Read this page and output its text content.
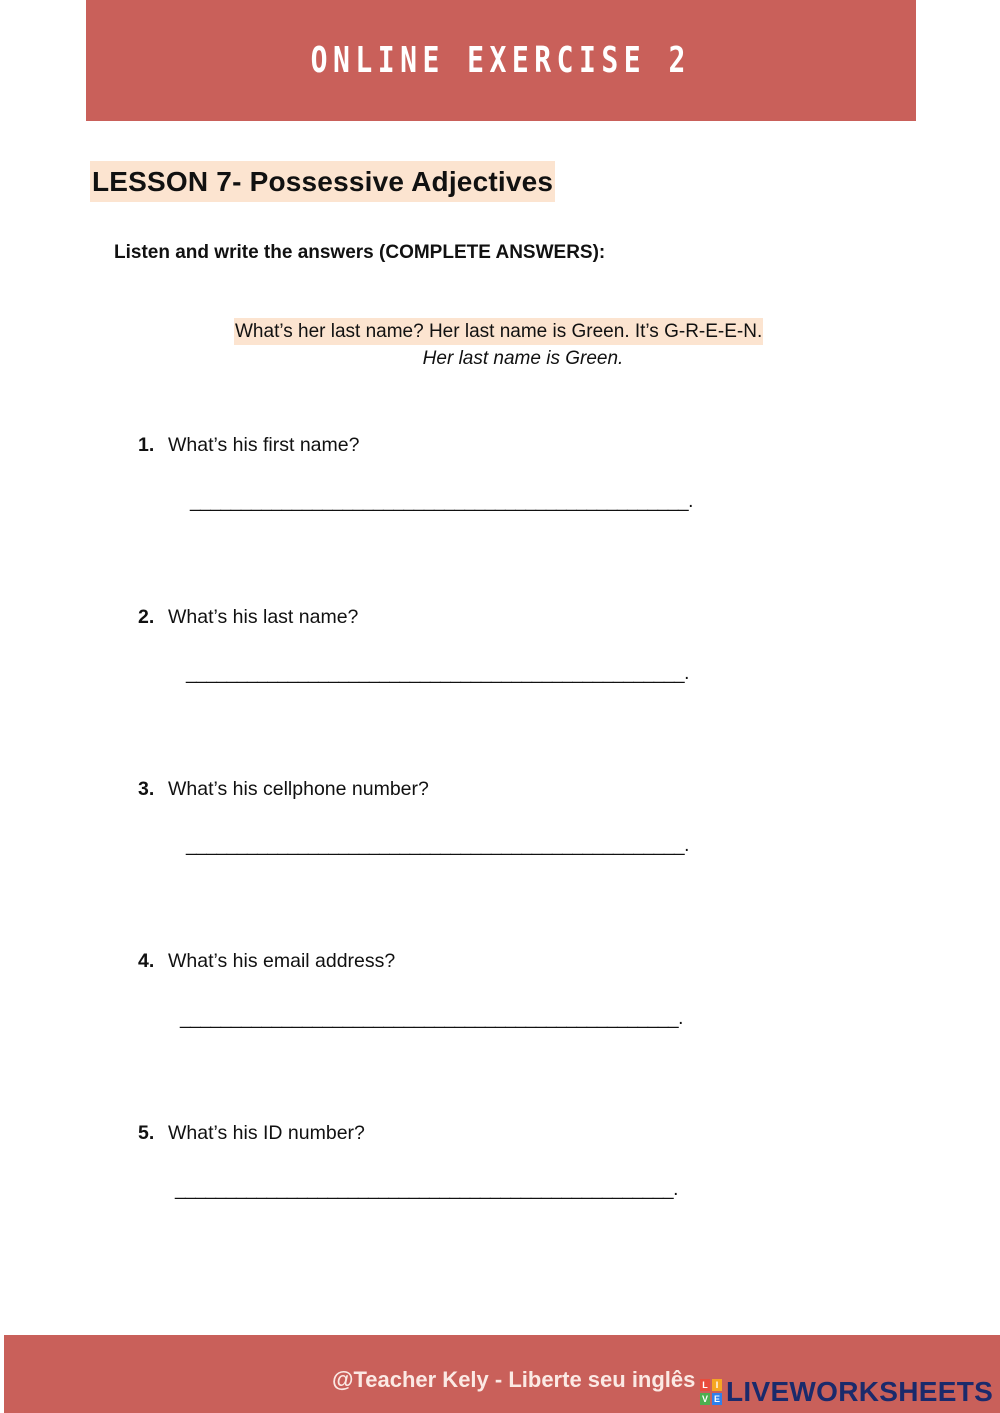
ONLINE EXERCISE 2
LESSON 7- Possessive Adjectives
Listen and write the answers (COMPLETE ANSWERS):
What’s her last name? Her last name is Green. It’s G-R-E-E-N.
Her last name is Green.
1. What’s his first name?
_________________________________________________.
2. What’s his last name?
_________________________________________________.
3. What’s his cellphone number?
_________________________________________________.
4. What’s his email address?
_________________________________________________.
5. What’s his ID number?
_________________________________________________.
@Teacher Kely - Liberte seu inglês L I
V E LIVEWORKSHEETS
